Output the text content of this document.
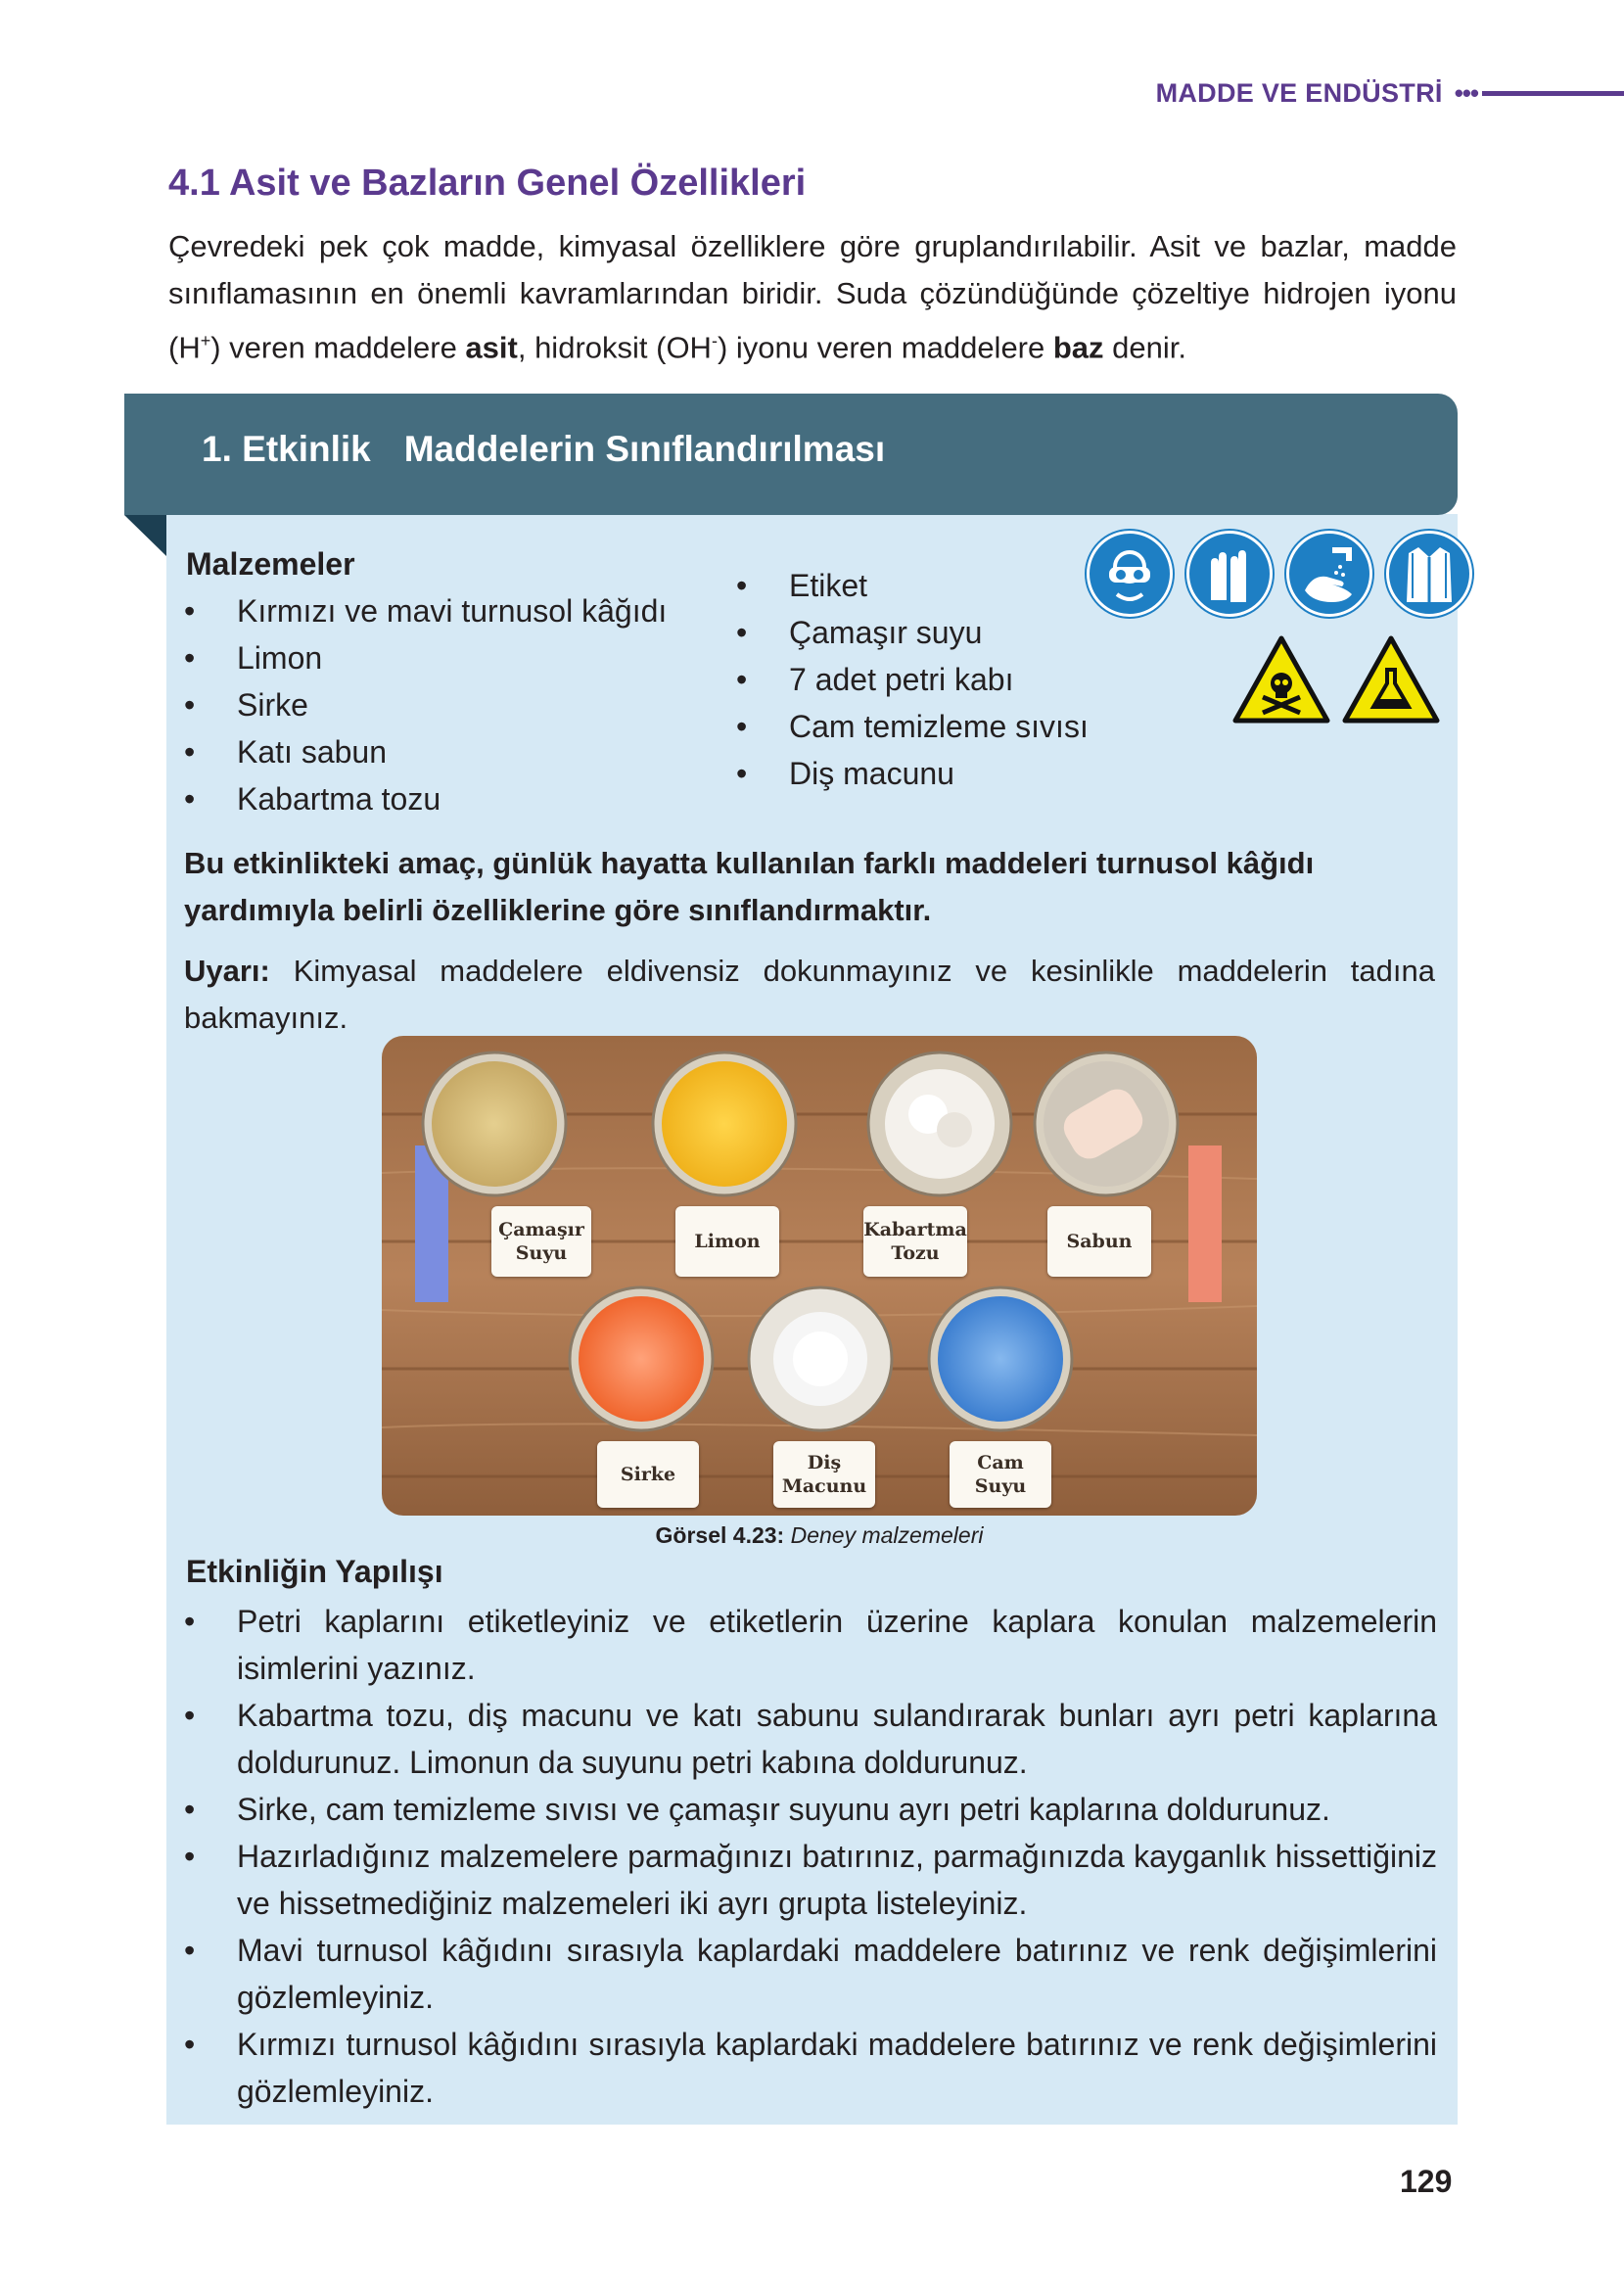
MADDE VE ENDÜSTRİ •••
4.1 Asit ve Bazların Genel Özellikleri
Çevredeki pek çok madde, kimyasal özelliklere göre gruplandırılabilir. Asit ve bazlar, madde sınıflamasının en önemli kavramlarından biridir. Suda çözündüğünde çözeltiye hidrojen iyonu (H+) veren maddelere asit, hidroksit (OH-) iyonu veren maddelere baz denir.
1. Etkinlik Maddelerin Sınıflandırılması
Malzemeler
• Kırmızı ve mavi turnusol kâğıdı
• Limon
• Sirke
• Katı sabun
• Kabartma tozu
• Etiket
• Çamaşır suyu
• 7 adet petri kabı
• Cam temizleme sıvısı
• Diş macunu
Bu etkinlikteki amaç, günlük hayatta kullanılan farklı maddeleri turnusol kâğıdı yardımıyla belirli özelliklerine göre sınıflandırmaktır.
Uyarı: Kimyasal maddelere eldivensiz dokunmayınız ve kesinlikle maddelerin tadına bakmayınız.
Çamaşır
Suyu
Limon
Kabartma
Tozu
Sabun
Sirke
Diş
Macunu
Cam
Suyu
Görsel 4.23: Deney malzemeleri
Etkinliğin Yapılışı
• Petri kaplarını etiketleyiniz ve etiketlerin üzerine kaplara konulan malzemelerin isimlerini yazınız.
• Kabartma tozu, diş macunu ve katı sabunu sulandırarak bunları ayrı petri kaplarına doldurunuz. Limonun da suyunu petri kabına doldurunuz.
• Sirke, cam temizleme sıvısı ve çamaşır suyunu ayrı petri kaplarına doldurunuz.
• Hazırladığınız malzemelere parmağınızı batırınız, parmağınızda kayganlık hissettiğiniz ve hissetmediğiniz malzemeleri iki ayrı grupta listeleyiniz.
• Mavi turnusol kâğıdını sırasıyla kaplardaki maddelere batırınız ve renk değişimlerini gözlemleyiniz.
• Kırmızı turnusol kâğıdını sırasıyla kaplardaki maddelere batırınız ve renk değişimlerini gözlemleyiniz.
129
